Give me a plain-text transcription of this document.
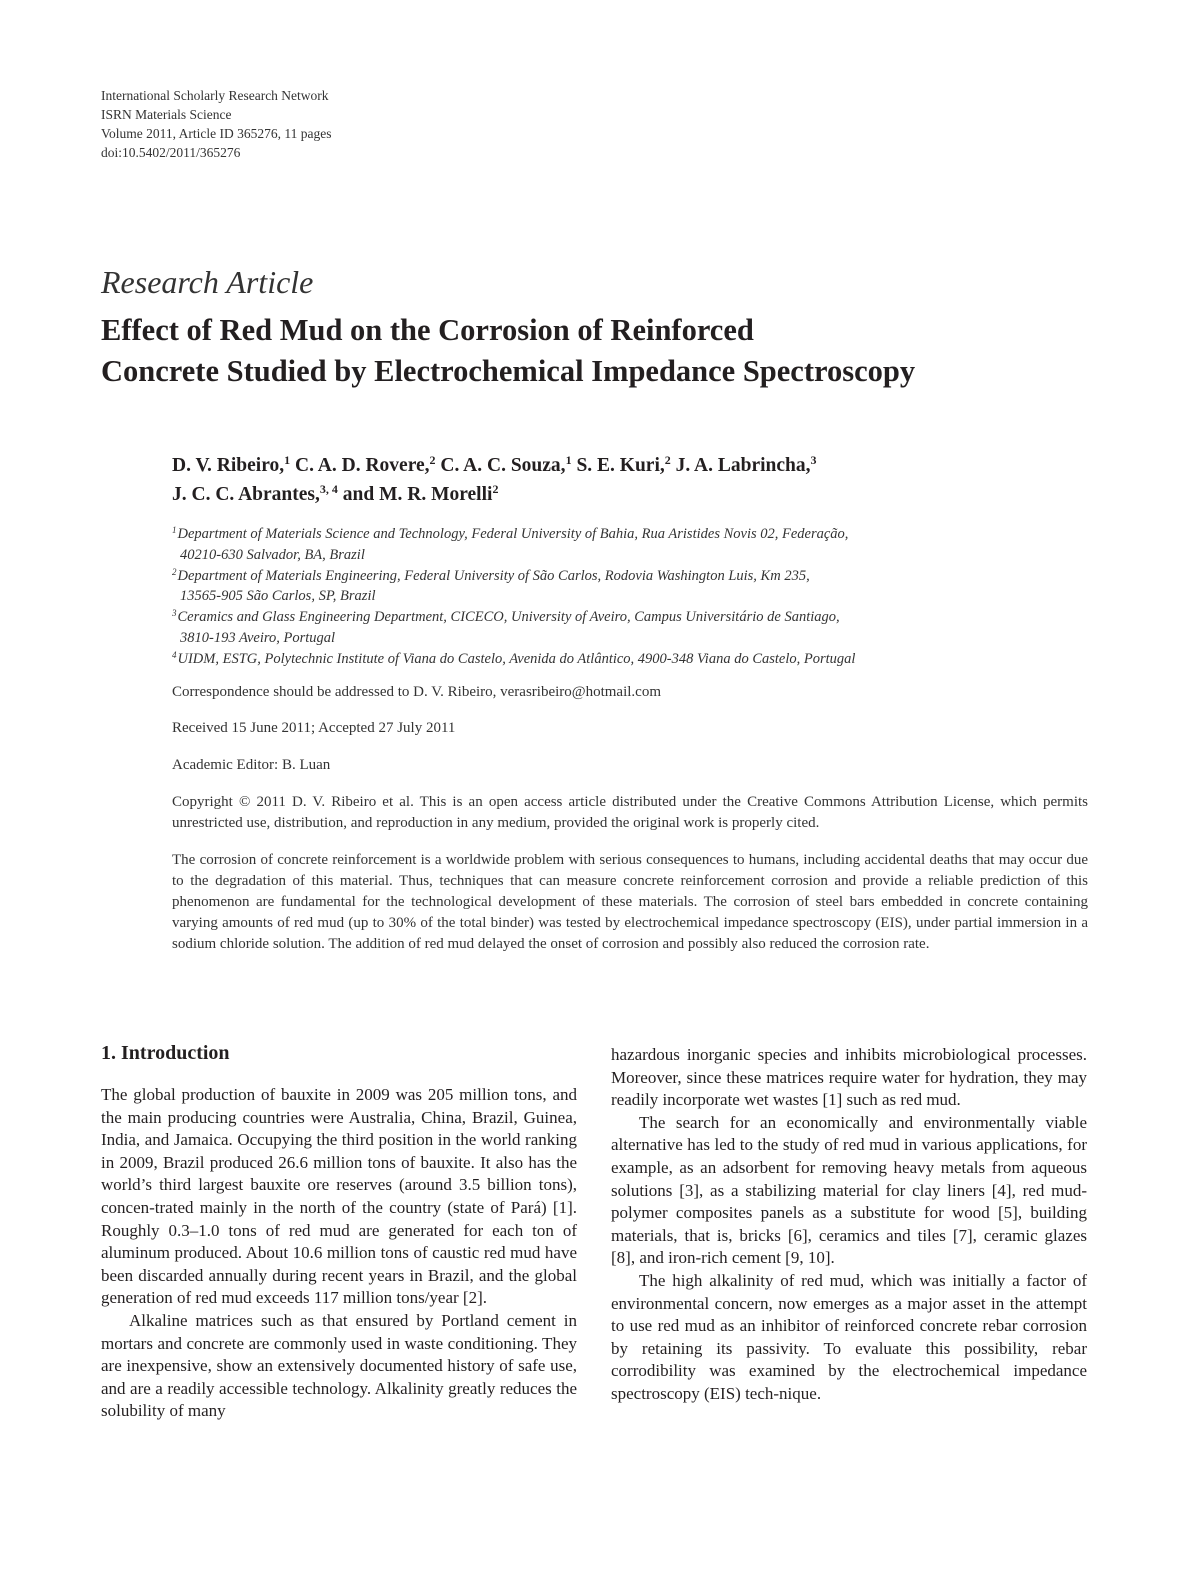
International Scholarly Research Network
ISRN Materials Science
Volume 2011, Article ID 365276, 11 pages
doi:10.5402/2011/365276
Research Article
Effect of Red Mud on the Corrosion of Reinforced
Concrete Studied by Electrochemical Impedance Spectroscopy
D. V. Ribeiro,$^1$ C. A. D. Rovere,$^2$ C. A. C. Souza,$^1$ S. E. Kuri,$^2$ J. A. Labrincha,$^3$
J. C. C. Abrantes,$^{3, 4}$ and M. R. Morelli$^2$
$^1$Department of Materials Science and Technology, Federal University of Bahia, Rua Aristides Novis 02, Federação,
40210-630 Salvador, BA, Brazil
$^2$Department of Materials Engineering, Federal University of São Carlos, Rodovia Washington Luis, Km 235,
13565-905 São Carlos, SP, Brazil
$^3$Ceramics and Glass Engineering Department, CICECO, University of Aveiro, Campus Universitário de Santiago,
3810-193 Aveiro, Portugal
$^4$UIDM, ESTG, Polytechnic Institute of Viana do Castelo, Avenida do Atlântico, 4900-348 Viana do Castelo, Portugal
Correspondence should be addressed to D. V. Ribeiro, verasribeiro@hotmail.com
Received 15 June 2011; Accepted 27 July 2011
Academic Editor: B. Luan
Copyright © 2011 D. V. Ribeiro et al. This is an open access article distributed under the Creative Commons Attribution License, which permits unrestricted use, distribution, and reproduction in any medium, provided the original work is properly cited.
The corrosion of concrete reinforcement is a worldwide problem with serious consequences to humans, including accidental deaths that may occur due to the degradation of this material. Thus, techniques that can measure concrete reinforcement corrosion and provide a reliable prediction of this phenomenon are fundamental for the technological development of these materials. The corrosion of steel bars embedded in concrete containing varying amounts of red mud (up to 30% of the total binder) was tested by electrochemical impedance spectroscopy (EIS), under partial immersion in a sodium chloride solution. The addition of red mud delayed the onset of corrosion and possibly also reduced the corrosion rate.
1. Introduction

The global production of bauxite in 2009 was 205 million tons, and the main producing countries were Australia, China, Brazil, Guinea, India, and Jamaica. Occupying the third position in the world ranking in 2009, Brazil produced 26.6 million tons of bauxite. It also has the world’s third largest bauxite ore reserves (around 3.5 billion tons), concen-trated mainly in the north of the country (state of Pará) [1]. Roughly 0.3–1.0 tons of red mud are generated for each ton of aluminum produced. About 10.6 million tons of caustic red mud have been discarded annually during recent years in Brazil, and the global generation of red mud exceeds 117 million tons/year [2].

Alkaline matrices such as that ensured by Portland cement in mortars and concrete are commonly used in waste conditioning. They are inexpensive, show an extensively documented history of safe use, and are a readily accessible technology. Alkalinity greatly reduces the solubility of many

hazardous inorganic species and inhibits microbiological processes. Moreover, since these matrices require water for hydration, they may readily incorporate wet wastes [1] such as red mud.

The search for an economically and environmentally viable alternative has led to the study of red mud in various applications, for example, as an adsorbent for removing heavy metals from aqueous solutions [3], as a stabilizing material for clay liners [4], red mud-polymer composites panels as a substitute for wood [5], building materials, that is, bricks [6], ceramics and tiles [7], ceramic glazes [8], and iron-rich cement [9, 10].

The high alkalinity of red mud, which was initially a factor of environmental concern, now emerges as a major asset in the attempt to use red mud as an inhibitor of reinforced concrete rebar corrosion by retaining its passivity. To evaluate this possibility, rebar corrodibility was examined by the electrochemical impedance spectroscopy (EIS) tech-nique.
